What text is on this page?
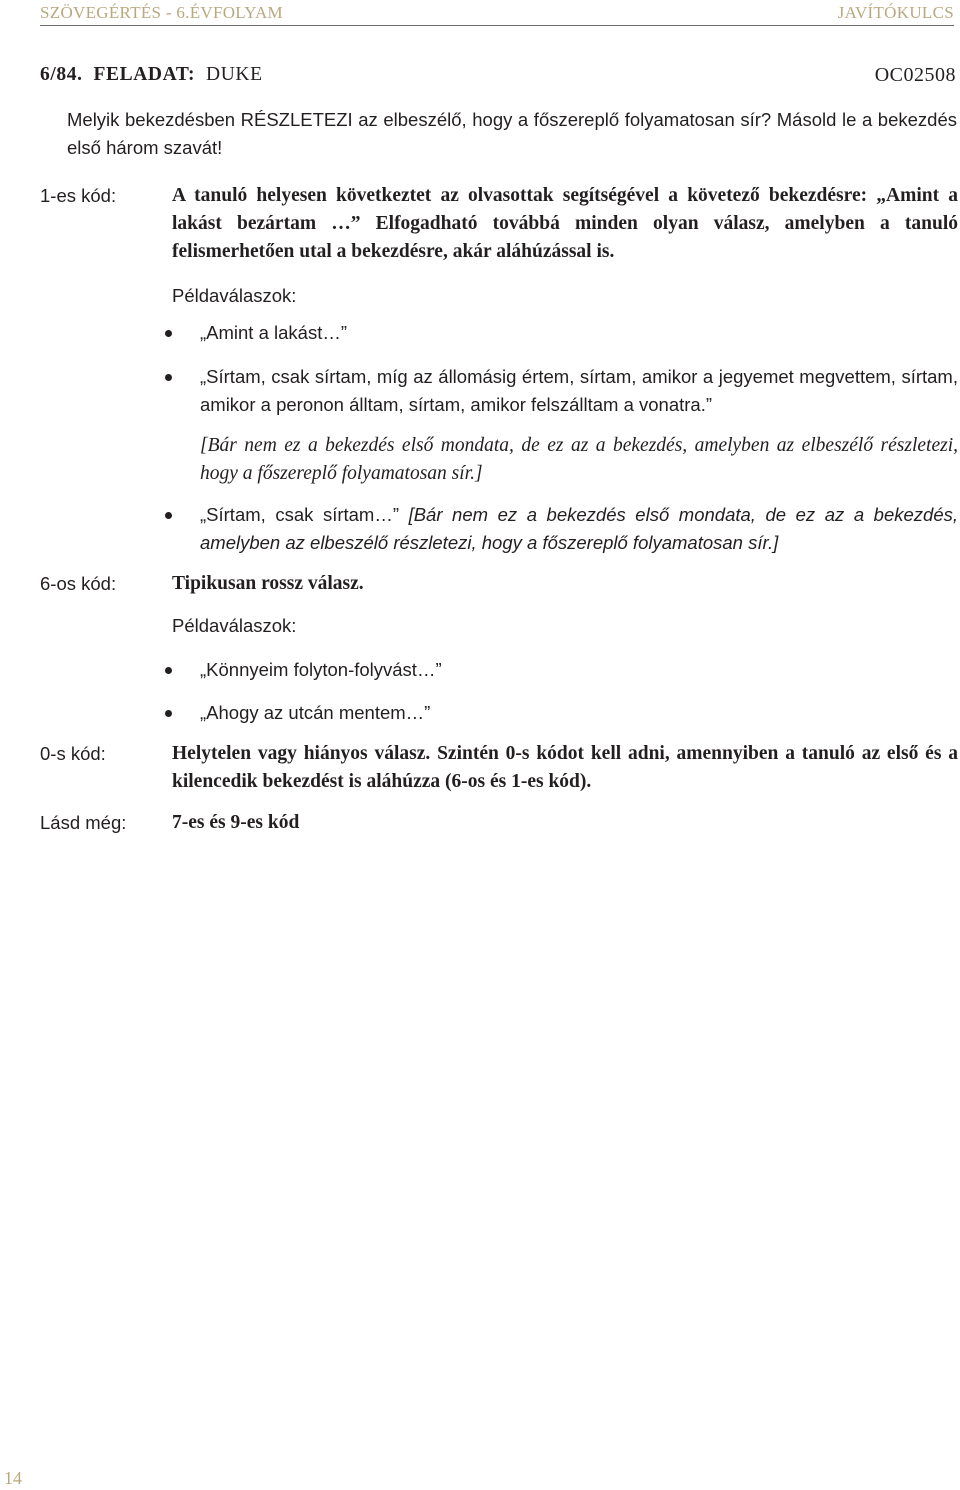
SZÖVEGÉRTÉS - 6.ÉVFOLYAM	JAVÍTÓKULCS
6/84. FELADAT: DUKE	OC02508
Melyik bekezdésben RÉSZLETEZI az elbeszélő, hogy a főszereplő folyamatosan sír? Másold le a bekezdés első három szavát!
1-es kód:	A tanuló helyesen következtet az olvasottak segítségével a követező bekezdésre: „Amint a lakást bezártam …” Elfogadható továbbá minden olyan válasz, amelyben a tanuló felismerhetően utal a bekezdésre, akár aláhúzással is.
Példaválaszok:
„Amint a lakást…”
„Sírtam, csak sírtam, míg az állomásig értem, sírtam, amikor a jegyemet megvettem, sírtam, amikor a peronon álltam, sírtam, amikor felszálltam a vonatra.”
[Bár nem ez a bekezdés első mondata, de ez az a bekezdés, amelyben az elbeszélő részletezi, hogy a főszereplő folyamatosan sír.]
„Sírtam, csak sírtam…” [Bár nem ez a bekezdés első mondata, de ez az a bekezdés, amelyben az elbeszélő részletezi, hogy a főszereplő folyamatosan sír.]
6-os kód:	Tipikusan rossz válasz.
Példaválaszok:
„Könnyeim folyton-folyvást…”
„Ahogy az utcán mentem…”
0-s kód:	Helytelen vagy hiányos válasz. Szintén 0-s kódot kell adni, amennyiben a tanuló az első és a kilencedik bekezdést is aláhúzza (6-os és 1-es kód).
Lásd még: 7-es és 9-es kód
14
